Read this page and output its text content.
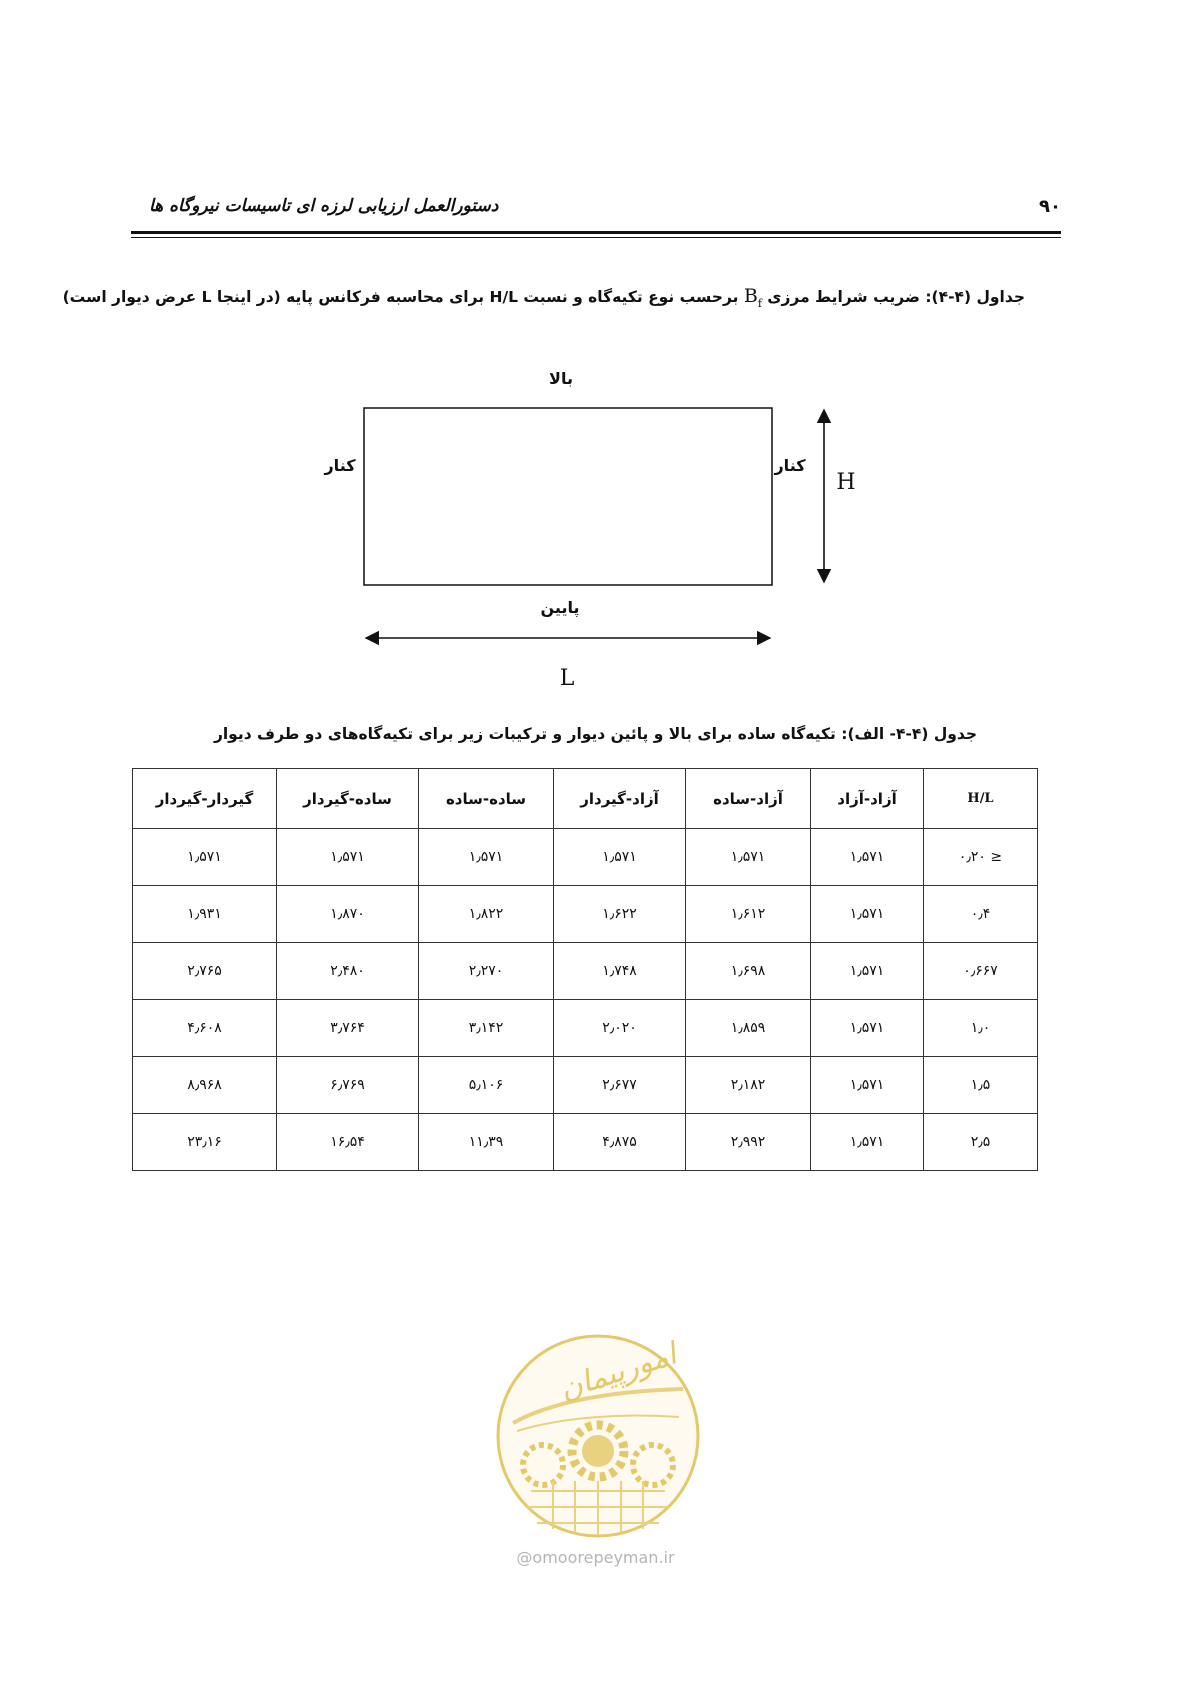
دستورالعمل ارزیابی لرزه ای تاسیسات نیروگاه ها	۹۰
جداول (۴-۴): ضریب شرایط مرزی $B_f$ برحسب نوع تکیه‌گاه و نسبت H/L برای محاسبه فرکانس پایه (در اینجا L عرض دیوار است)
بالا
کنار	کنار
H
پایین
L
جدول (۴-۴- الف): تکیه‌گاه ساده برای بالا و پائین دیوار و ترکیبات زیر برای تکیه‌گاه‌های دو طرف دیوار
H/L	آزاد-آزاد	آزاد-ساده	آزاد-گیردار	ساده-ساده	ساده-گیردار	گیردار-گیردار
≤ ۰٫۲۰	۱٫۵۷۱	۱٫۵۷۱	۱٫۵۷۱	۱٫۵۷۱	۱٫۵۷۱	۱٫۵۷۱
۰٫۴	۱٫۵۷۱	۱٫۶۱۲	۱٫۶۲۲	۱٫۸۲۲	۱٫۸۷۰	۱٫۹۳۱
۰٫۶۶۷	۱٫۵۷۱	۱٫۶۹۸	۱٫۷۴۸	۲٫۲۷۰	۲٫۴۸۰	۲٫۷۶۵
۱٫۰	۱٫۵۷۱	۱٫۸۵۹	۲٫۰۲۰	۳٫۱۴۲	۳٫۷۶۴	۴٫۶۰۸
۱٫۵	۱٫۵۷۱	۲٫۱۸۲	۲٫۶۷۷	۵٫۱۰۶	۶٫۷۶۹	۸٫۹۶۸
۲٫۵	۱٫۵۷۱	۲٫۹۹۲	۴٫۸۷۵	۱۱٫۳۹	۱۶٫۵۴	۲۳٫۱۶
امورپیمان
@omoorepeyman.ir
